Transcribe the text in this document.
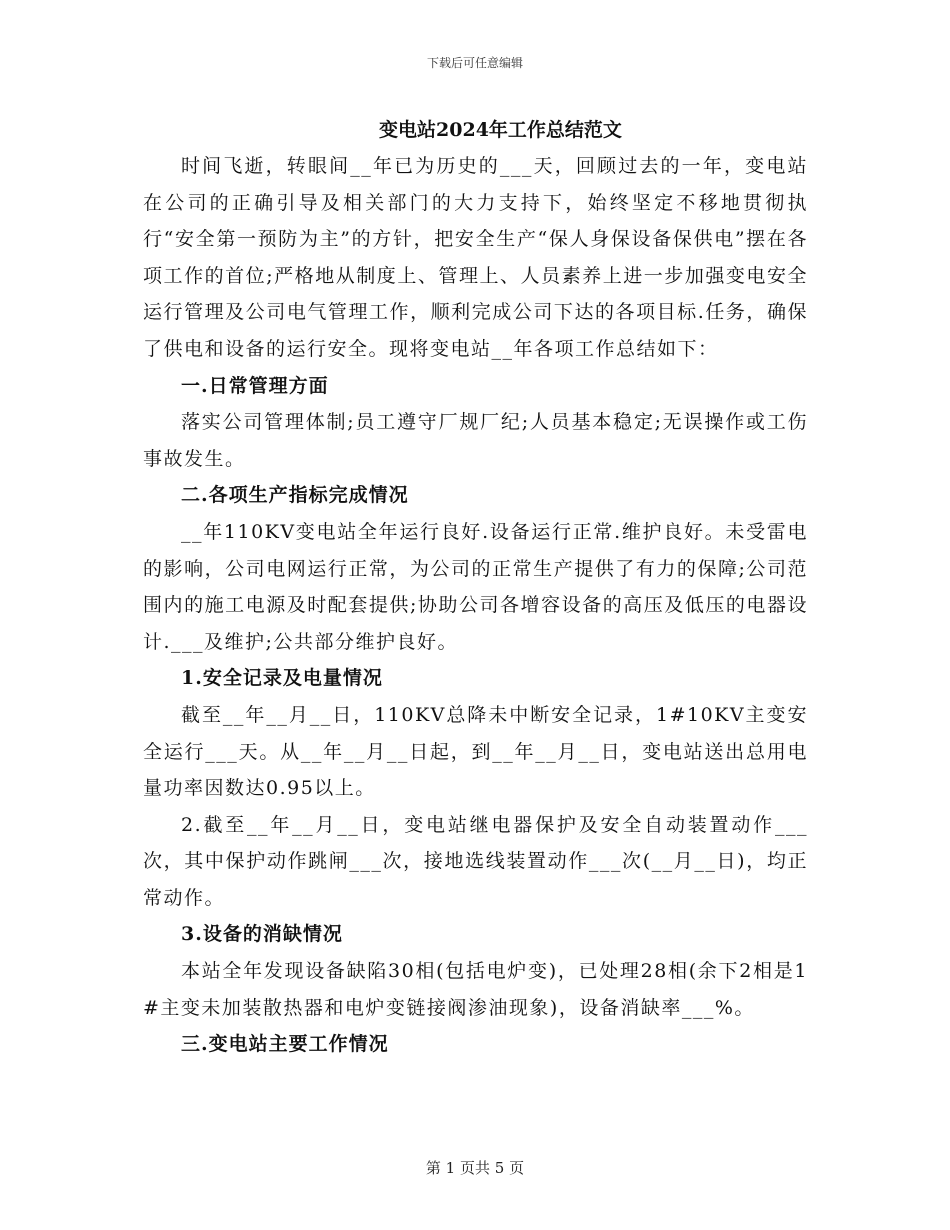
下载后可任意编辑
变电站2024年工作总结范文
时间飞逝，转眼间__年已为历史的___天，回顾过去的一年，变电站在公司的正确引导及相关部门的大力支持下，始终坚定不移地贯彻执行“安全第一预防为主”的方针，把安全生产“保人身保设备保供电”摆在各项工作的首位;严格地从制度上、管理上、人员素养上进一步加强变电安全运行管理及公司电气管理工作，顺利完成公司下达的各项目标.任务，确保了供电和设备的运行安全。现将变电站__年各项工作总结如下：
一.日常管理方面
落实公司管理体制;员工遵守厂规厂纪;人员基本稳定;无误操作或工伤事故发生。
二.各项生产指标完成情况
__年110KV变电站全年运行良好.设备运行正常.维护良好。未受雷电的影响，公司电网运行正常，为公司的正常生产提供了有力的保障;公司范围内的施工电源及时配套提供;协助公司各增容设备的高压及低压的电器设计.___及维护;公共部分维护良好。
1.安全记录及电量情况
截至__年__月__日，110KV总降未中断安全记录，1#10KV主变安全运行___天。从__年__月__日起，到__年__月__日，变电站送出总用电量功率因数达0.95以上。
2.截至__年__月__日，变电站继电器保护及安全自动装置动作___次，其中保护动作跳闸___次，接地选线装置动作___次(__月__日)，均正常动作。
3.设备的消缺情况
本站全年发现设备缺陷30相(包括电炉变)，已处理28相(余下2相是1#主变未加装散热器和电炉变链接阀渗油现象)，设备消缺率___%。
三.变电站主要工作情况
第 1 页共 5 页
